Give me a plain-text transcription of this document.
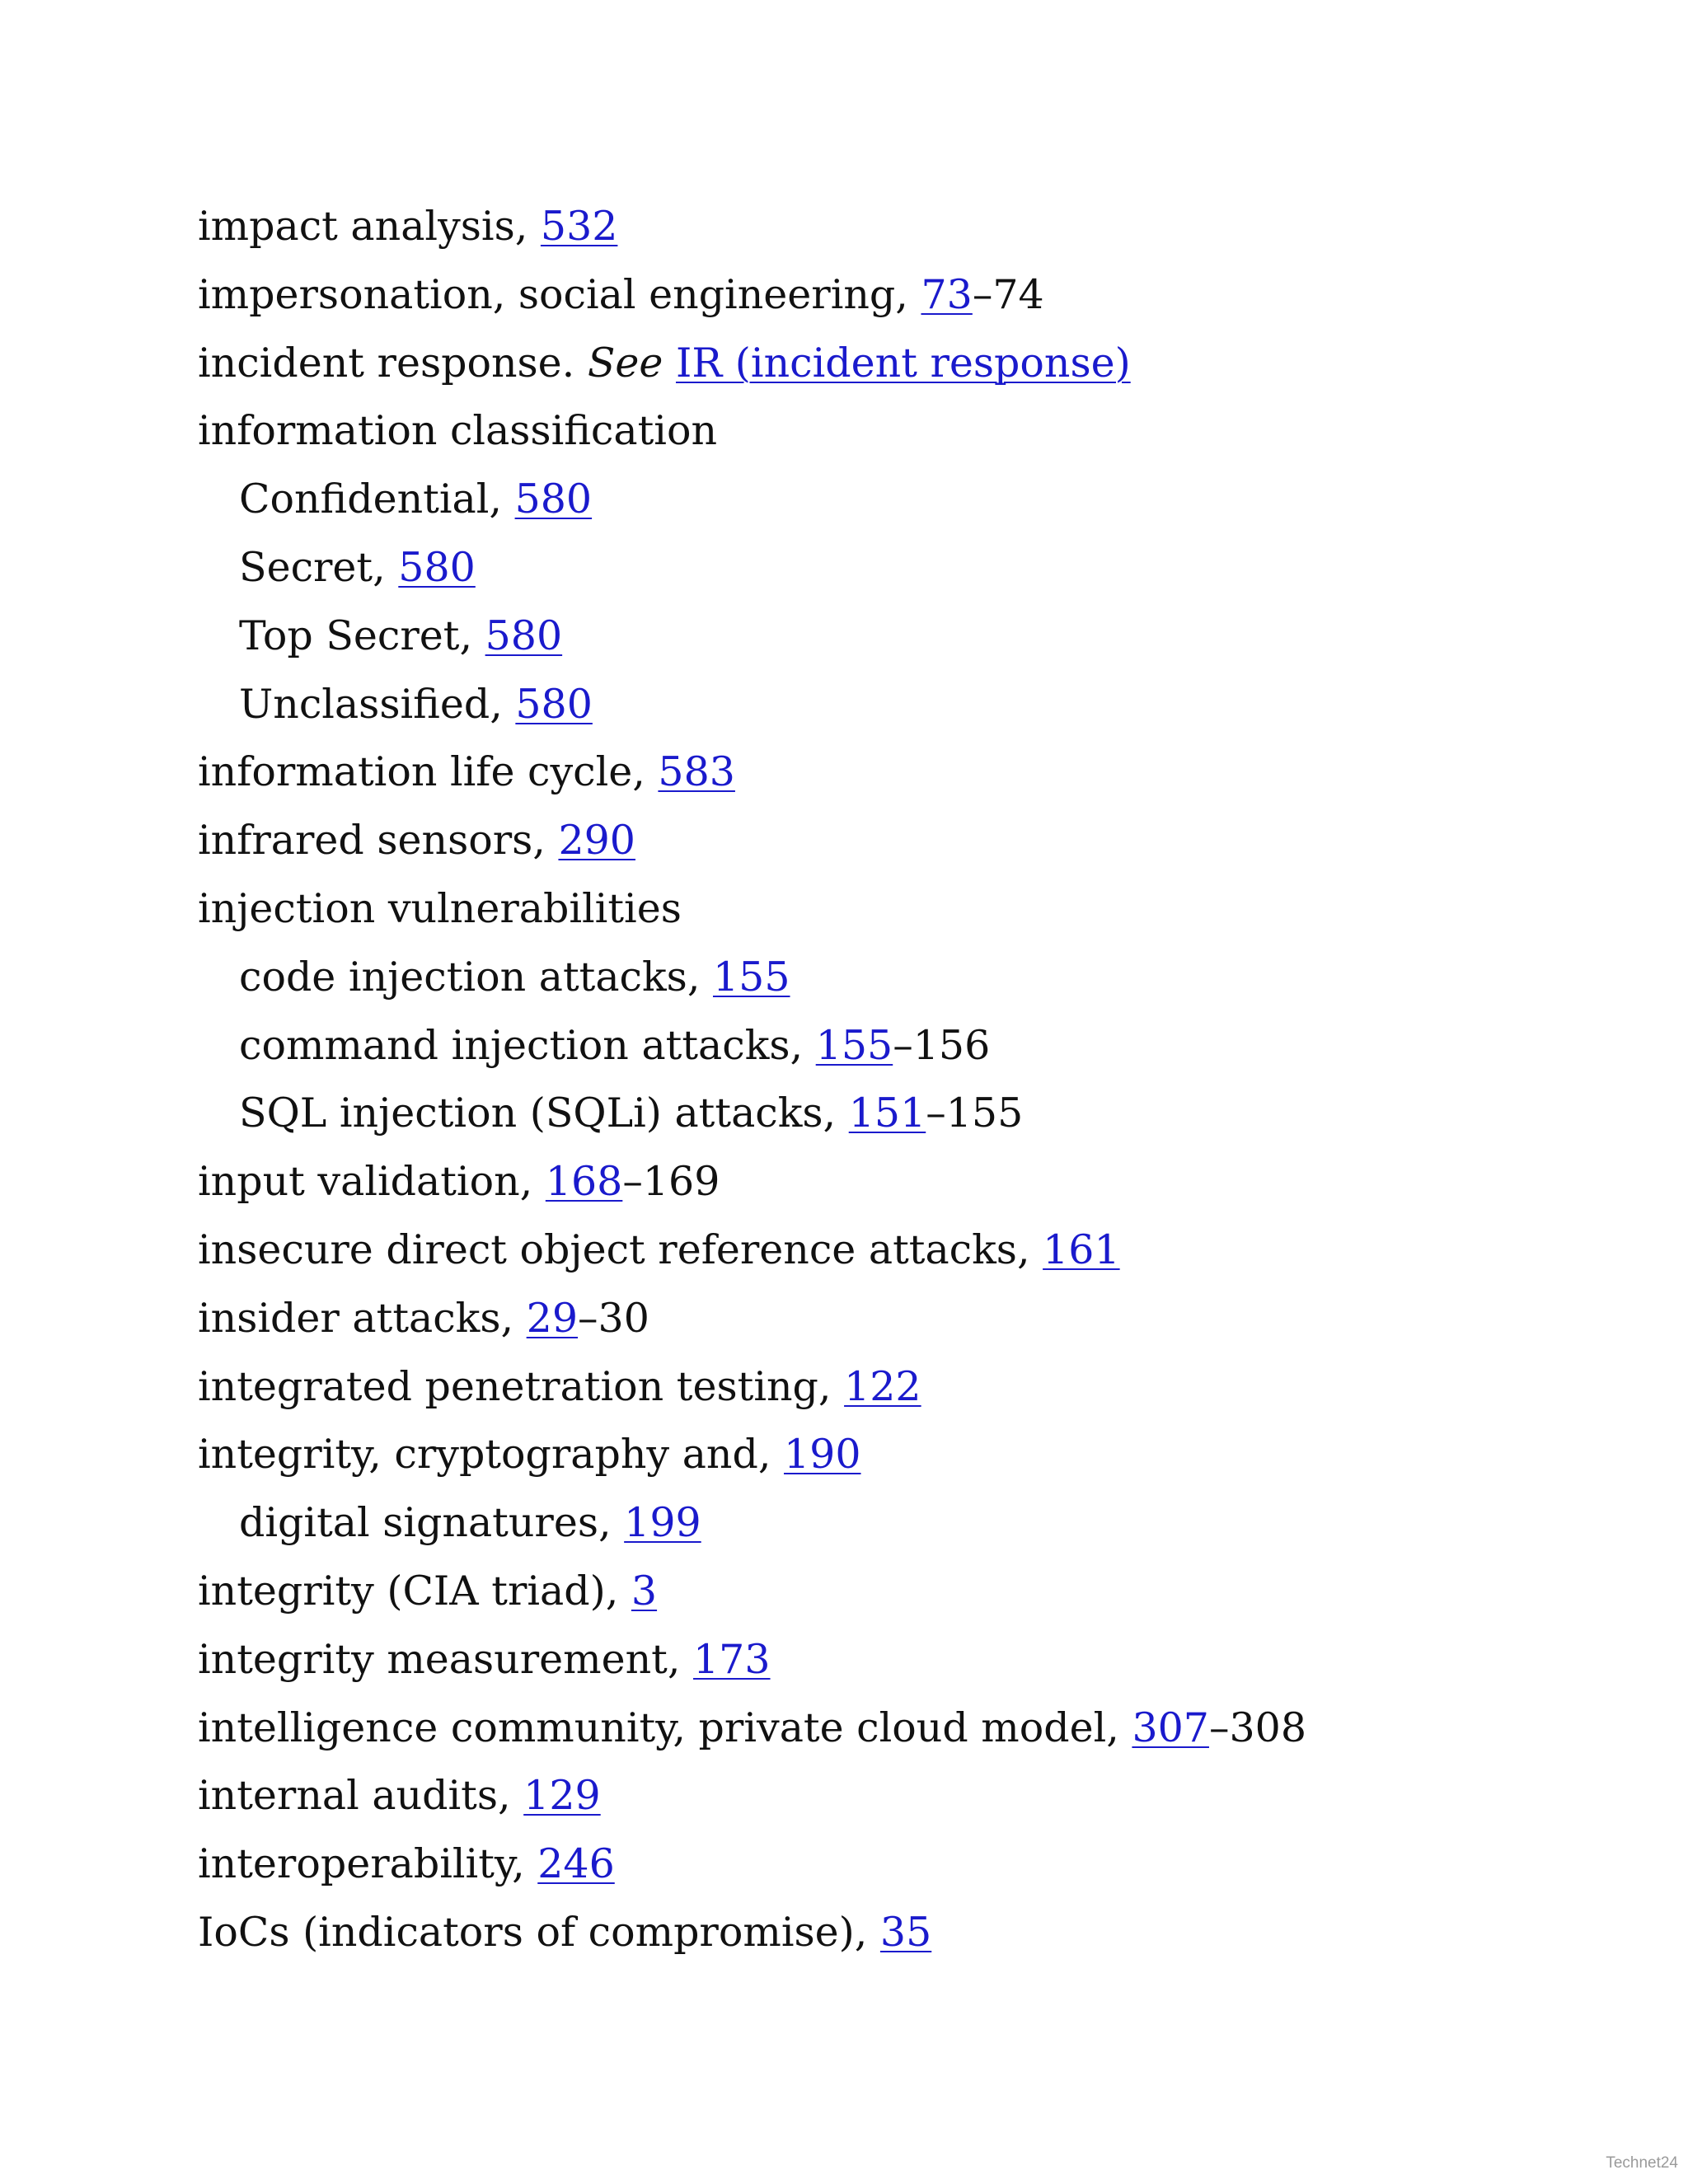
impact analysis, 532
impersonation, social engineering, 73–74
incident response. See IR (incident response)
information classification
Confidential, 580
Secret, 580
Top Secret, 580
Unclassified, 580
information life cycle, 583
infrared sensors, 290
injection vulnerabilities
code injection attacks, 155
command injection attacks, 155–156
SQL injection (SQLi) attacks, 151–155
input validation, 168–169
insecure direct object reference attacks, 161
insider attacks, 29–30
integrated penetration testing, 122
integrity, cryptography and, 190
digital signatures, 199
integrity (CIA triad), 3
integrity measurement, 173
intelligence community, private cloud model, 307–308
internal audits, 129
interoperability, 246
IoCs (indicators of compromise), 35
Technet24
